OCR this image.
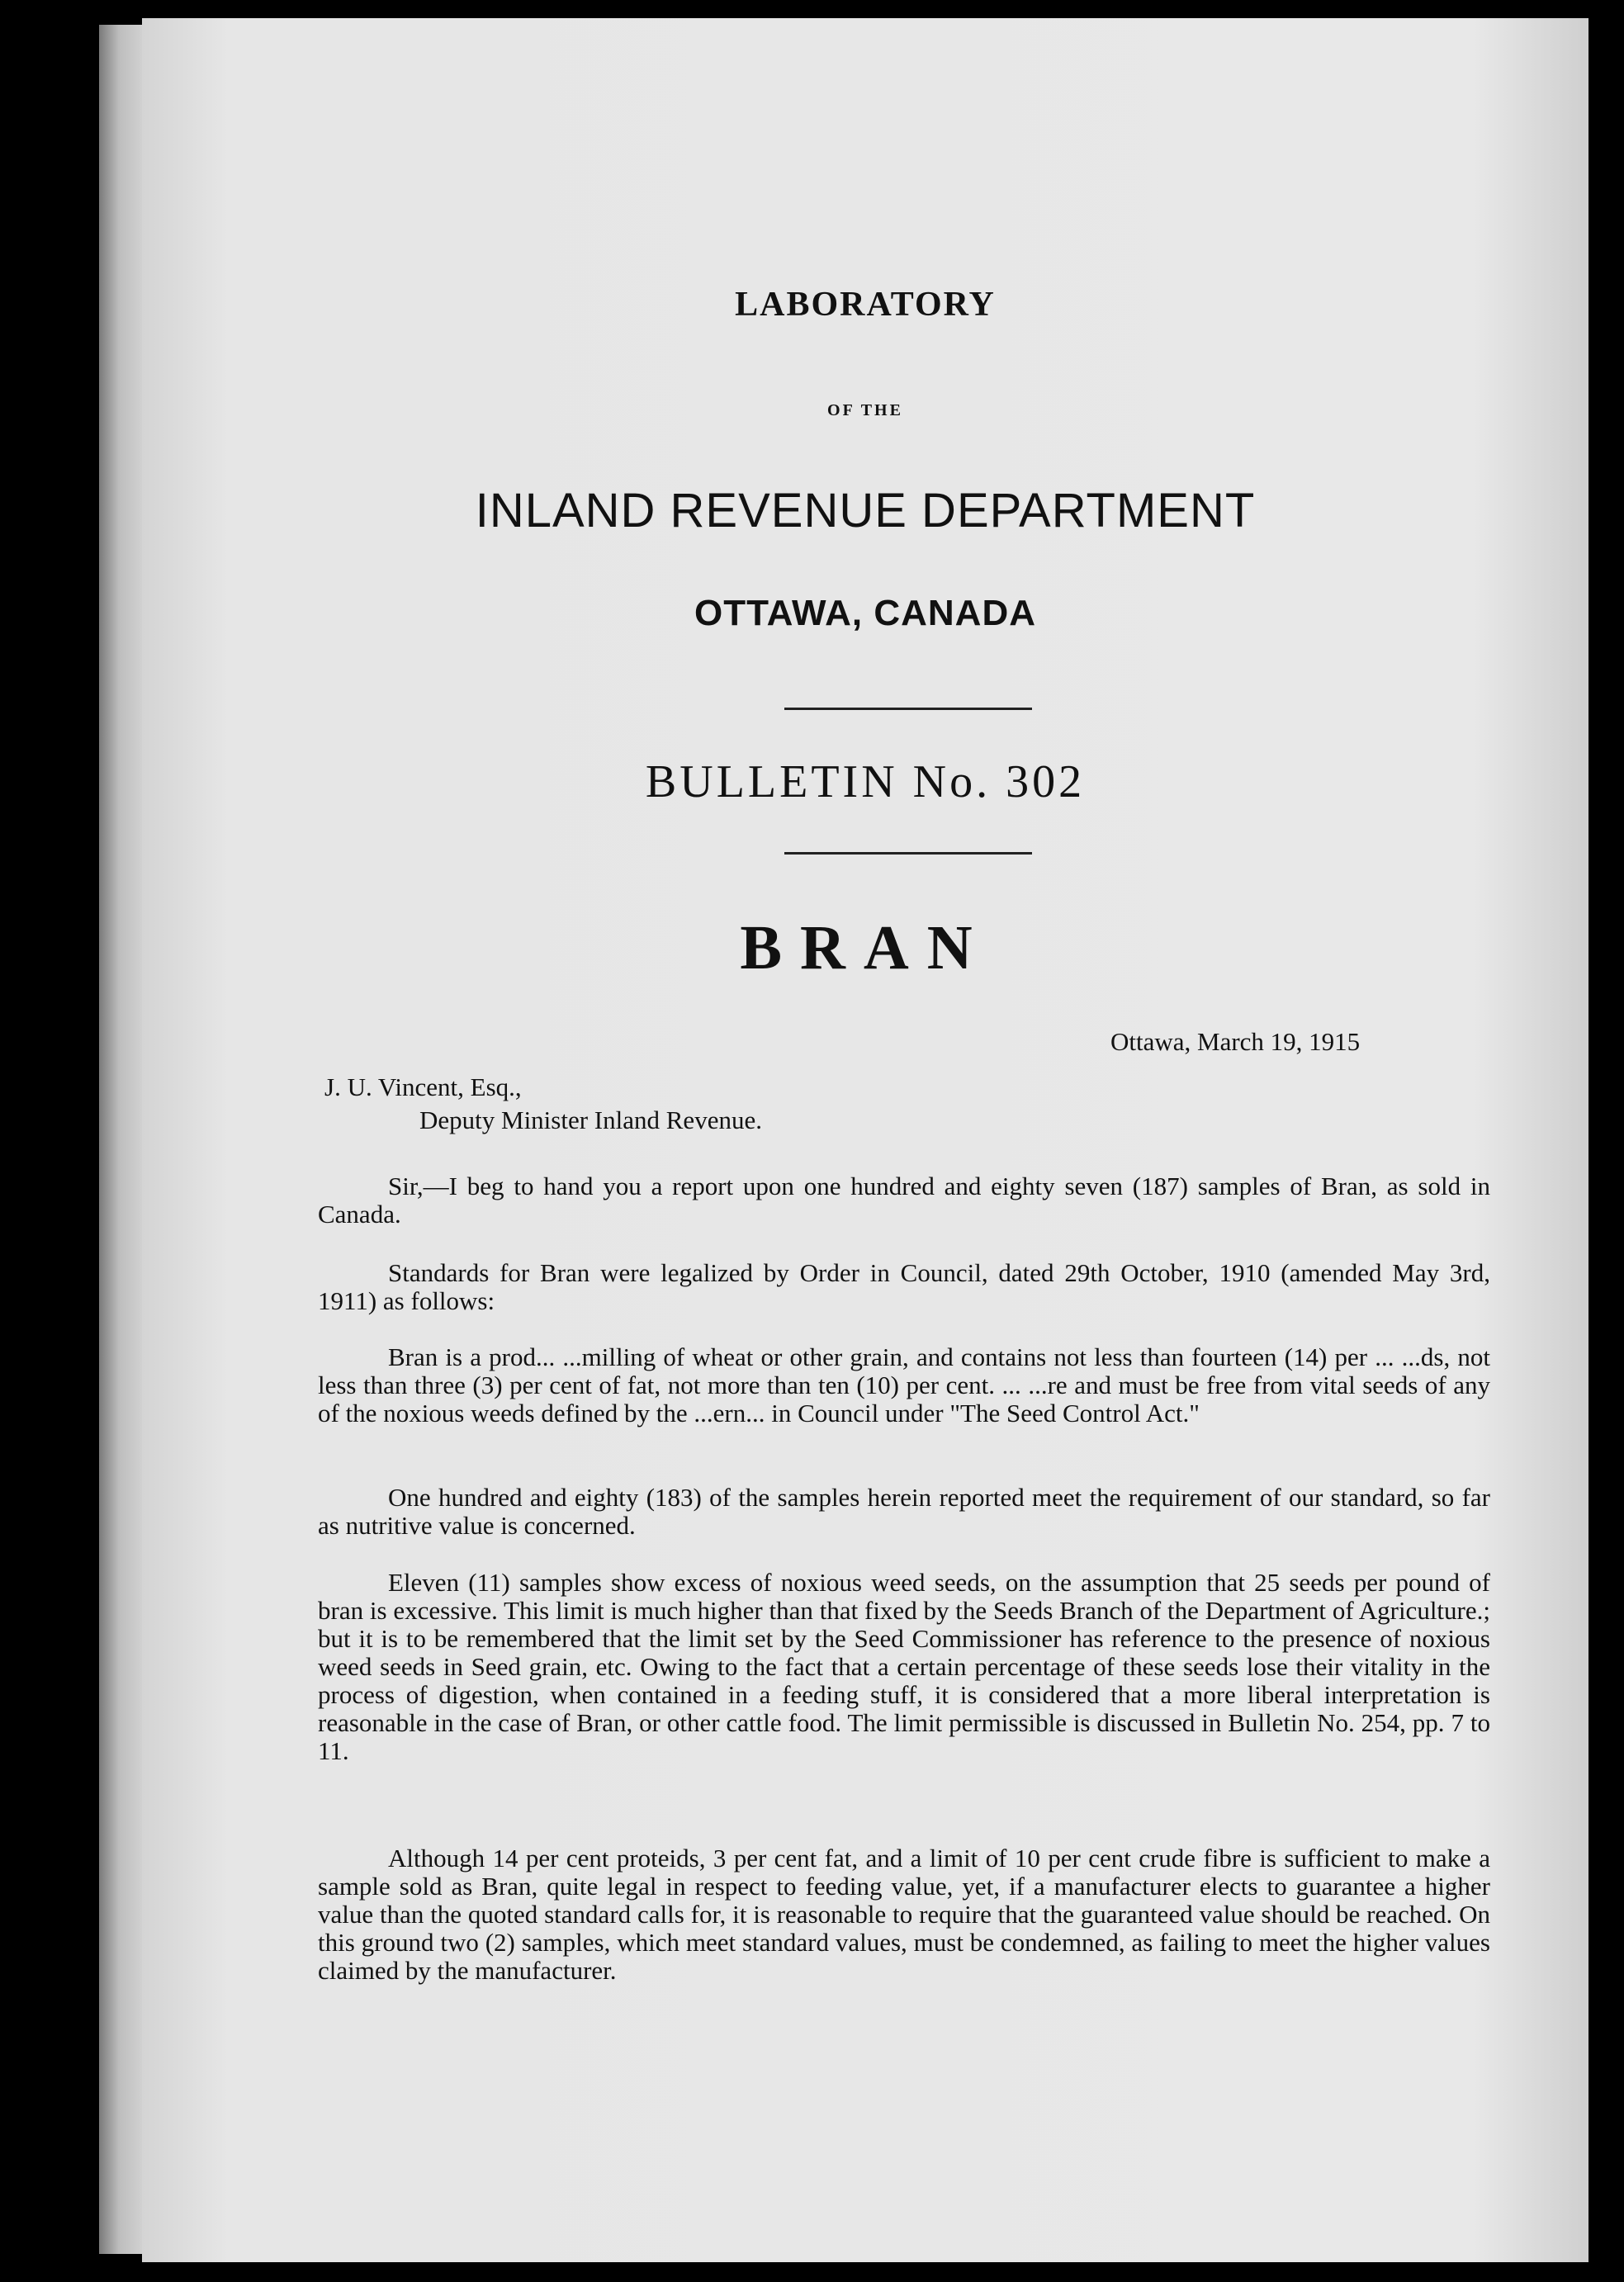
LABORATORY
OF THE
INLAND REVENUE DEPARTMENT
OTTAWA, CANADA
BULLETIN No. 302
BRAN
Ottawa, March 19, 1915
J. U. Vincent, Esq.,
Deputy Minister Inland Revenue.

Sir,—I beg to hand you a report upon one hundred and eighty seven (187) samples of Bran, as sold in Canada.

Standards for Bran were legalized by Order in Council, dated 29th October, 1910 (amended May 3rd, 1911) as follows:

Bran is a prod... ...milling of wheat or other grain, and contains not less than fourteen (14) per ... ...ds, not less than three (3) per cent of fat, not more than ten (10) per cent. ... ...re and must be free from vital seeds of any of the noxious weeds defined by the ...ern... in Council under "The Seed Control Act."

One hundred and eighty (183) of the samples herein reported meet the requirement of our standard, so far as nutritive value is concerned.

Eleven (11) samples show excess of noxious weed seeds, on the assumption that 25 seeds per pound of bran is excessive. This limit is much higher than that fixed by the Seeds Branch of the Department of Agriculture.; but it is to be remembered that the limit set by the Seed Commissioner has reference to the presence of noxious weed seeds in Seed grain, etc. Owing to the fact that a certain percentage of these seeds lose their vitality in the process of digestion, when contained in a feeding stuff, it is considered that a more liberal interpretation is reasonable in the case of Bran, or other cattle food. The limit permissible is discussed in Bulletin No. 254, pp. 7 to 11.

Although 14 per cent proteids, 3 per cent fat, and a limit of 10 per cent crude fibre is sufficient to make a sample sold as Bran, quite legal in respect to feeding value, yet, if a manufacturer elects to guarantee a higher value than the quoted standard calls for, it is reasonable to require that the guaranteed value should be reached. On this ground two (2) samples, which meet standard values, must be condemned, as failing to meet the higher values claimed by the manufacturer.
